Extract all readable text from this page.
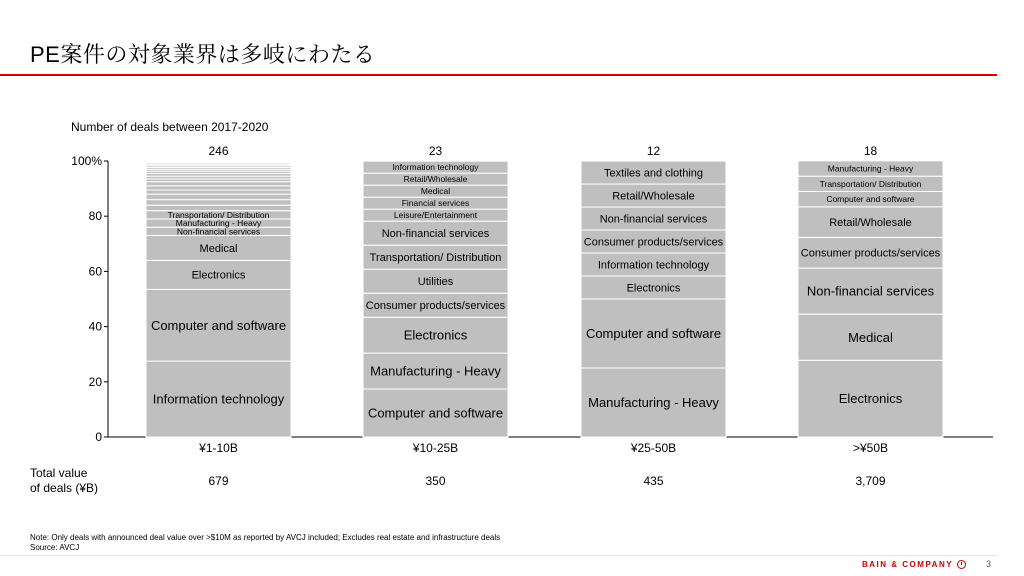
PE案件の対象業界は多岐にわたる
Number of deals between 2017-2020
0
20
40
60
80
100%
Information technology
Computer and software
Electronics
Medical
Non-financial services
Manufacturing - Heavy
Transportation/ Distribution
246
¥1-10B
679
Computer and software
Manufacturing - Heavy
Electronics
Consumer products/services
Utilities
Transportation/ Distribution
Non-financial services
Leisure/Entertainment
Financial services
Medical
Retail/Wholesale
Information technology
23
¥10-25B
350
Manufacturing - Heavy
Computer and software
Electronics
Information technology
Consumer products/services
Non-financial services
Retail/Wholesale
Textiles and clothing
12
¥25-50B
435
Electronics
Medical
Non-financial services
Consumer products/services
Retail/Wholesale
Computer and software
Transportation/ Distribution
Manufacturing - Heavy
18
>¥50B
3,709
Total value
of deals (¥B)
Note: Only deals with announced deal value over >$10M as reported by AVCJ included; Excludes real estate and infrastructure deals
Source: AVCJ
BAIN & COMPANY	3
